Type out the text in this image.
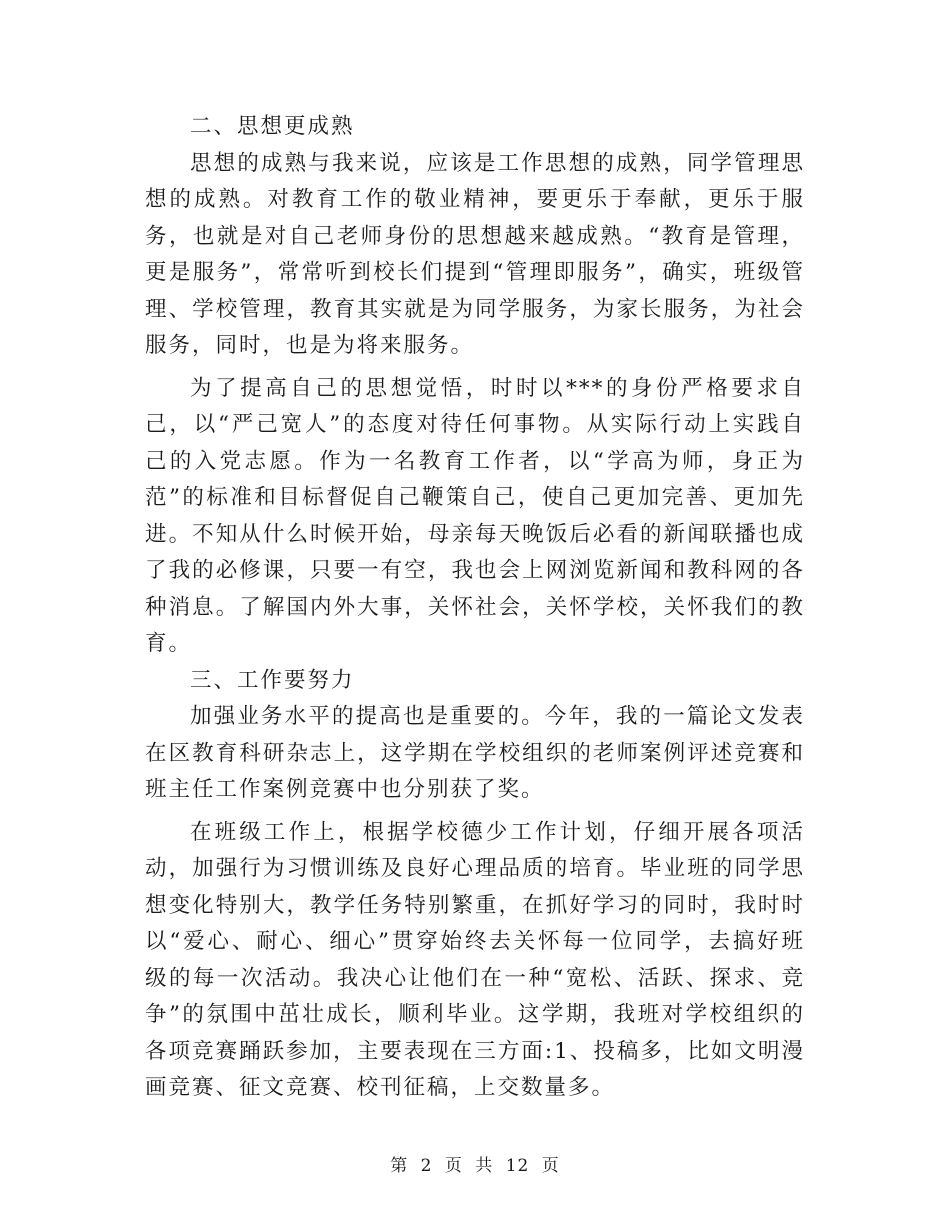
二、思想更成熟

思想的成熟与我来说，应该是工作思想的成熟，同学管理思想的成熟。对教育工作的敬业精神，要更乐于奉献，更乐于服务，也就是对自己老师身份的思想越来越成熟。“教育是管理，更是服务”，常常听到校长们提到“管理即服务”，确实，班级管理、学校管理，教育其实就是为同学服务，为家长服务，为社会服务，同时，也是为将来服务。

为了提高自己的思想觉悟，时时以***的身份严格要求自己，以“严己宽人”的态度对待任何事物。从实际行动上实践自己的入党志愿。作为一名教育工作者，以“学高为师，身正为范”的标准和目标督促自己鞭策自己，使自己更加完善、更加先进。不知从什么时候开始，母亲每天晚饭后必看的新闻联播也成了我的必修课，只要一有空，我也会上网浏览新闻和教科网的各种消息。了解国内外大事，关怀社会，关怀学校，关怀我们的教育。

三、工作要努力

加强业务水平的提高也是重要的。今年，我的一篇论文发表在区教育科研杂志上，这学期在学校组织的老师案例评述竞赛和班主任工作案例竞赛中也分别获了奖。

在班级工作上，根据学校德少工作计划，仔细开展各项活动，加强行为习惯训练及良好心理品质的培育。毕业班的同学思想变化特别大，教学任务特别繁重，在抓好学习的同时，我时时以“爱心、耐心、细心”贯穿始终去关怀每一位同学，去搞好班级的每一次活动。我决心让他们在一种“宽松、活跃、探求、竞争”的氛围中茁壮成长，顺利毕业。这学期，我班对学校组织的各项竞赛踊跃参加，主要表现在三方面:1、投稿多，比如文明漫画竞赛、征文竞赛、校刊征稿，上交数量多。

第 2 页 共 12 页
